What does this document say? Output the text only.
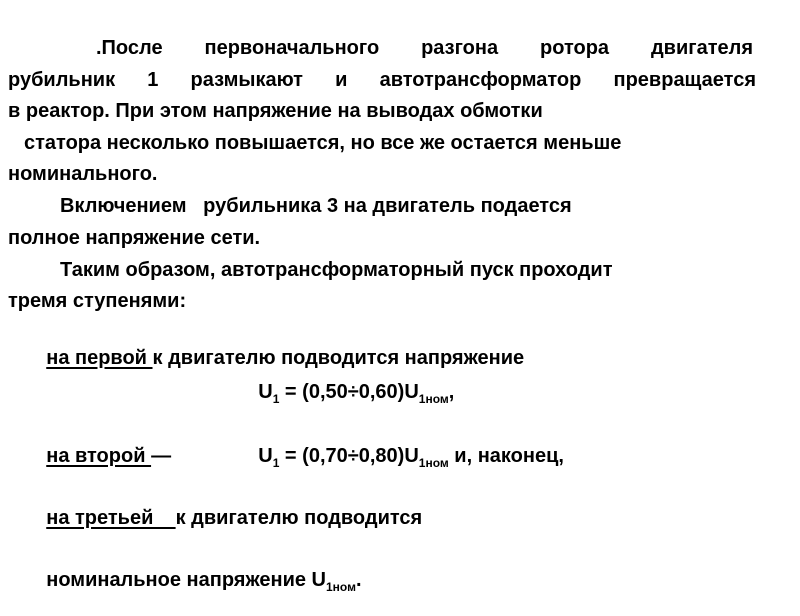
.После первоначального разгона ротора двигателя
рубильник 1 размыкают и автотрансформатор превращается
в реактор. При этом напряжение на выводах обмотки
статора несколько повышается, но все же остается меньше
номинального.
Включением   рубильника 3 на двигатель подается
полное напряжение сети.
Таким образом, автотрансформаторный пуск проходит
тремя ступенями:

на первой к двигателю подводится напряжение

$U_1 = (0,50\div 0,60)U_{1ном}$,

на второй —
	$U_1 = (0,70\div 0,80)U_{1ном}$ и, наконец,

на третьей    к двигателю подводится

номинальное напряжение $U_{1ном}$.
